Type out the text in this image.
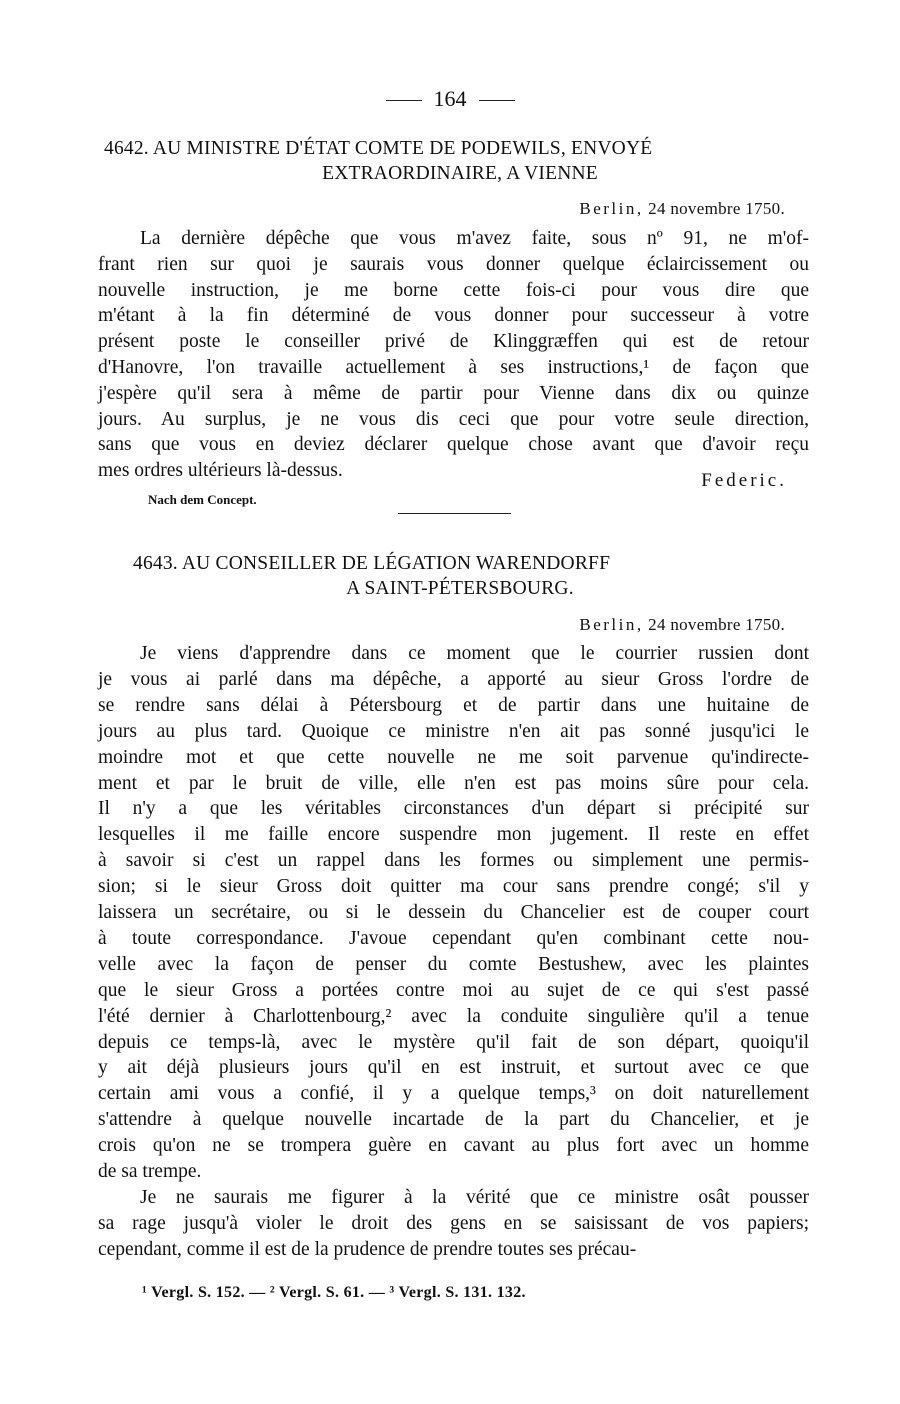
164
4642. AU MINISTRE D'ÉTAT COMTE DE PODEWILS, ENVOYÉ
EXTRAORDINAIRE, A VIENNE
Berlin, 24 novembre 1750.
La dernière dépêche que vous m'avez faite, sous nº 91, ne m'of-
frant rien sur quoi je saurais vous donner quelque éclaircissement ou
nouvelle instruction, je me borne cette fois-ci pour vous dire que
m'étant à la fin déterminé de vous donner pour successeur à votre
présent poste le conseiller privé de Klinggræffen qui est de retour
d'Hanovre, l'on travaille actuellement à ses instructions,¹ de façon que
j'espère qu'il sera à même de partir pour Vienne dans dix ou quinze
jours. Au surplus, je ne vous dis ceci que pour votre seule direction,
sans que vous en deviez déclarer quelque chose avant que d'avoir reçu
mes ordres ultérieurs là-dessus.	Federic.
Nach dem Concept.
4643. AU CONSEILLER DE LÉGATION WARENDORFF
A SAINT-PÉTERSBOURG.
Berlin, 24 novembre 1750.
Je viens d'apprendre dans ce moment que le courrier russien dont
je vous ai parlé dans ma dépêche, a apporté au sieur Gross l'ordre de
se rendre sans délai à Pétersbourg et de partir dans une huitaine de
jours au plus tard. Quoique ce ministre n'en ait pas sonné jusqu'ici le
moindre mot et que cette nouvelle ne me soit parvenue qu'indirecte-
ment et par le bruit de ville, elle n'en est pas moins sûre pour cela.
Il n'y a que les véritables circonstances d'un départ si précipité sur
lesquelles il me faille encore suspendre mon jugement. Il reste en effet
à savoir si c'est un rappel dans les formes ou simplement une permis-
sion; si le sieur Gross doit quitter ma cour sans prendre congé; s'il y
laissera un secrétaire, ou si le dessein du Chancelier est de couper court
à toute correspondance. J'avoue cependant qu'en combinant cette nou-
velle avec la façon de penser du comte Bestushew, avec les plaintes
que le sieur Gross a portées contre moi au sujet de ce qui s'est passé
l'été dernier à Charlottenbourg,² avec la conduite singulière qu'il a tenue
depuis ce temps-là, avec le mystère qu'il fait de son départ, quoiqu'il
y ait déjà plusieurs jours qu'il en est instruit, et surtout avec ce que
certain ami vous a confié, il y a quelque temps,³ on doit naturellement
s'attendre à quelque nouvelle incartade de la part du Chancelier, et je
crois qu'on ne se trompera guère en cavant au plus fort avec un homme
de sa trempe.
Je ne saurais me figurer à la vérité que ce ministre osât pousser
sa rage jusqu'à violer le droit des gens en se saisissant de vos papiers;
cependant, comme il est de la prudence de prendre toutes ses précau-
¹ Vergl. S. 152. — ² Vergl. S. 61. — ³ Vergl. S. 131. 132.
